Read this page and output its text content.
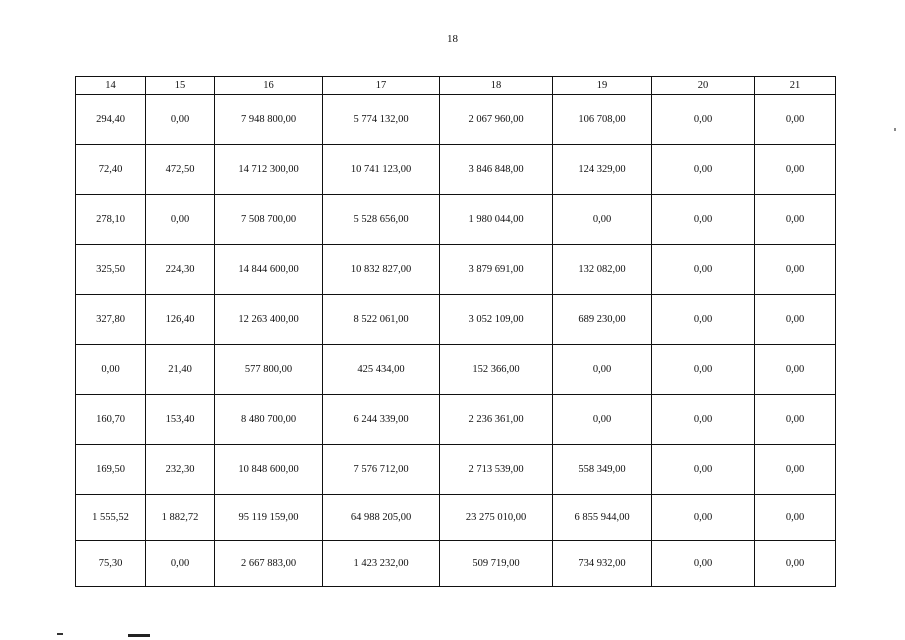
18
14	15	16	17	18	19	20	21
294,40	0,00	7 948 800,00	5 774 132,00	2 067 960,00	106 708,00	0,00	0,00
72,40	472,50	14 712 300,00	10 741 123,00	3 846 848,00	124 329,00	0,00	0,00
278,10	0,00	7 508 700,00	5 528 656,00	1 980 044,00	0,00	0,00	0,00
325,50	224,30	14 844 600,00	10 832 827,00	3 879 691,00	132 082,00	0,00	0,00
327,80	126,40	12 263 400,00	8 522 061,00	3 052 109,00	689 230,00	0,00	0,00
0,00	21,40	577 800,00	425 434,00	152 366,00	0,00	0,00	0,00
160,70	153,40	8 480 700,00	6 244 339,00	2 236 361,00	0,00	0,00	0,00
169,50	232,30	10 848 600,00	7 576 712,00	2 713 539,00	558 349,00	0,00	0,00
1 555,52	1 882,72	95 119 159,00	64 988 205,00	23 275 010,00	6 855 944,00	0,00	0,00
75,30	0,00	2 667 883,00	1 423 232,00	509 719,00	734 932,00	0,00	0,00
